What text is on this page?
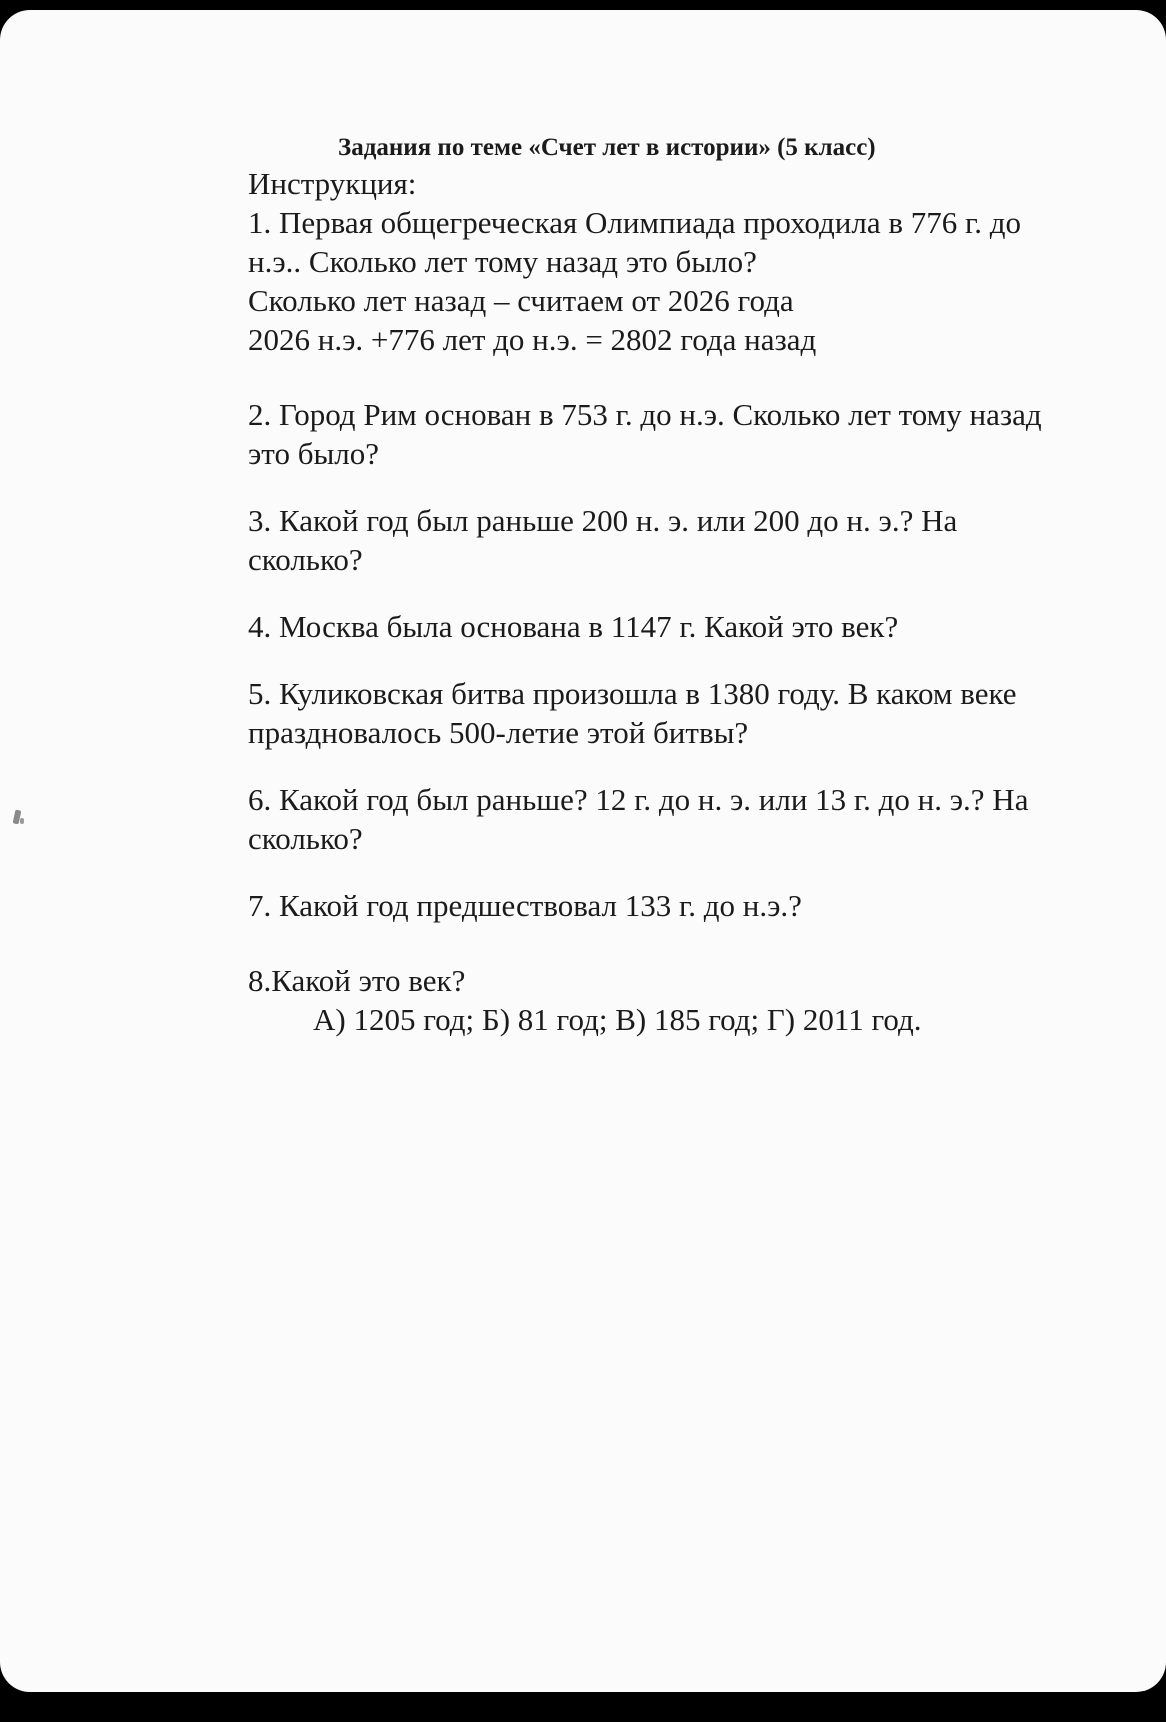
Задания по теме «Счет лет в истории» (5 класс)

Инструкция:

1. Первая общегреческая Олимпиада проходила в 776 г. до

н.э.. Сколько лет тому назад это было?

Сколько лет назад – считаем от 2026 года

2026 н.э. +776 лет до н.э. = 2802 года назад

2. Город Рим основан в 753 г. до н.э. Сколько лет тому назад

это было?

3. Какой год был раньше 200 н. э. или 200 до н. э.? На

сколько?

4. Москва была основана в 1147 г. Какой это век?

5. Куликовская битва произошла в 1380 году. В каком веке

праздновалось 500-летие этой битвы?

6. Какой год был раньше? 12 г. до н. э. или 13 г. до н. э.? На

сколько?

7. Какой год предшествовал 133 г. до н.э.?

8.Какой это век?

А) 1205 год; Б) 81 год; В) 185 год; Г) 2011 год.
